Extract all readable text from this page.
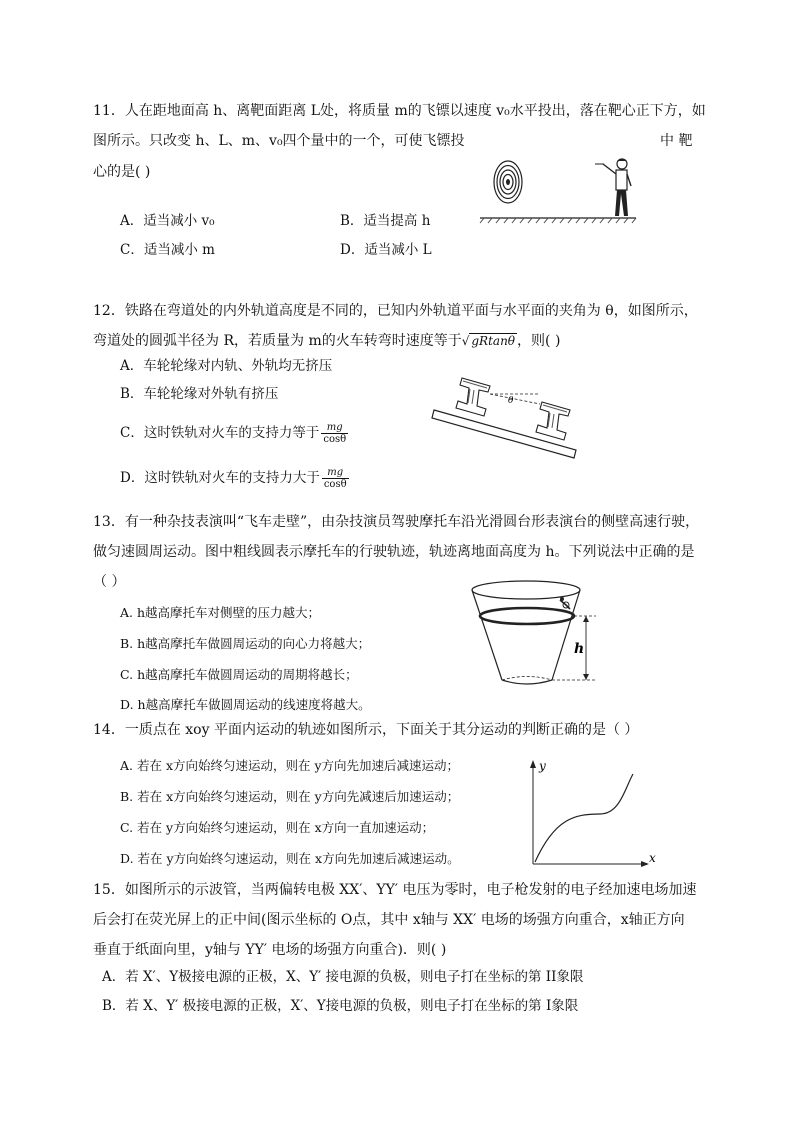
11．人在距地面高 h、离靶面距离 L处，将质量 m的飞镖以速度 v₀水平投出，落在靶心正下方，如
图所示。只改变 h、L、m、v₀四个量中的一个，可使飞镖投	中 靶
心的是( )
A．适当减小 v₀	B．适当提高 h
C．适当减小 m	D．适当减小 L
12．铁路在弯道处的内外轨道高度是不同的，已知内外轨道平面与水平面的夹角为 θ，如图所示，
弯道处的圆弧半径为 R，若质量为 m的火车转弯时速度等于√ gRtanθ ，则( )
A．车轮轮缘对内轨、外轨均无挤压
B．车轮轮缘对外轨有挤压
C．这时铁轨对火车的支持力等于 $\frac{mg}{\cos\theta}$
D．这时铁轨对火车的支持力大于 $\frac{mg}{\cos\theta}$
θ
13．有一种杂技表演叫“飞车走壁”，由杂技演员驾驶摩托车沿光滑圆台形表演台的侧壁高速行驶，
做匀速圆周运动。图中粗线圆表示摩托车的行驶轨迹，轨迹离地面高度为 h。下列说法中正确的是
（ ）
A. h越高摩托车对侧壁的压力越大；
B. h越高摩托车做圆周运动的向心力将越大；
C. h越高摩托车做圆周运动的周期将越长；
D. h越高摩托车做圆周运动的线速度将越大。
h
14．一质点在 xoy 平面内运动的轨迹如图所示，下面关于其分运动的判断正确的是（ ）
A. 若在 x方向始终匀速运动，则在 y方向先加速后减速运动；
B. 若在 x方向始终匀速运动，则在 y方向先减速后加速运动；
C. 若在 y方向始终匀速运动，则在 x方向一直加速运动；
D. 若在 y方向始终匀速运动，则在 x方向先加速后减速运动。
y
x
15．如图所示的示波管，当两偏转电极 XX′、YY′ 电压为零时，电子枪发射的电子经加速电场加速
后会打在荧光屏上的正中间(图示坐标的 O点，其中 x轴与 XX′ 电场的场强方向重合，x轴正方向
垂直于纸面向里，y轴与 YY′ 电场的场强方向重合)．则( )
A．若 X′、Y极接电源的正极，X、Y′ 接电源的负极，则电子打在坐标的第 II象限
B．若 X、Y′ 极接电源的正极，X′、Y接电源的负极，则电子打在坐标的第 I象限
